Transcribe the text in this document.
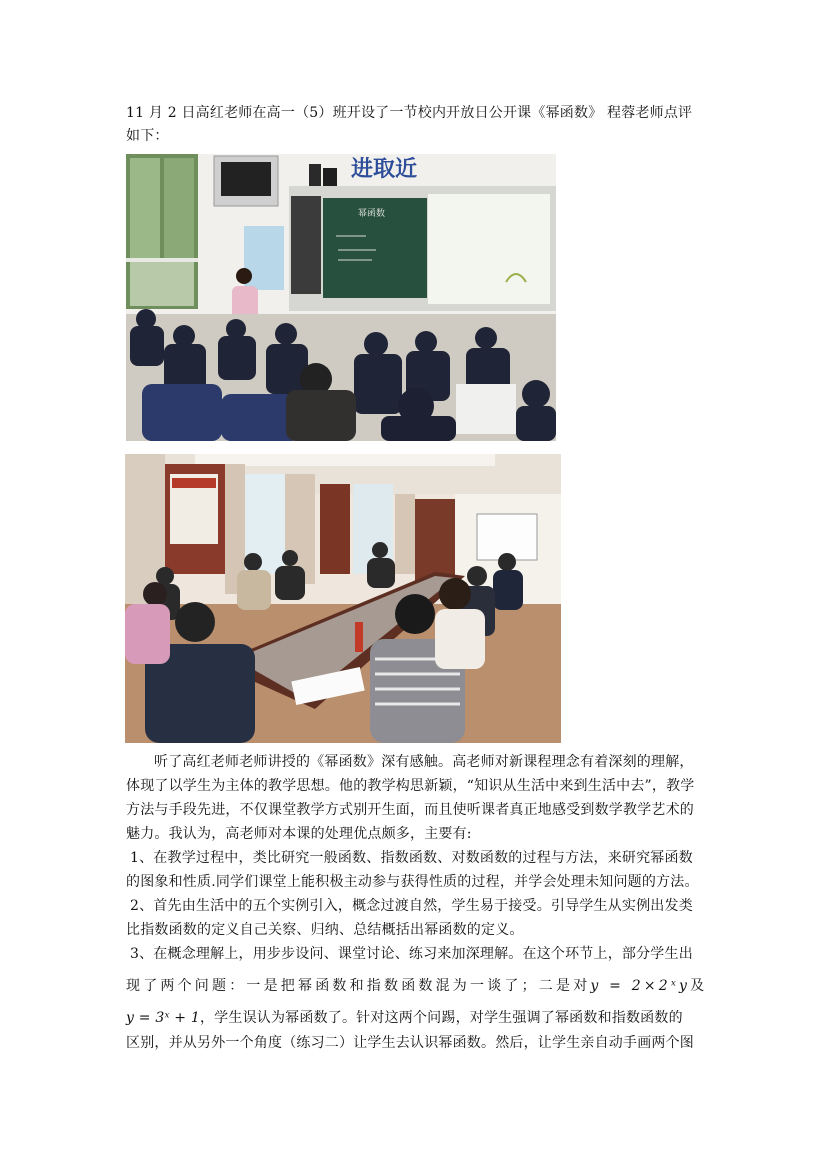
11 月 2 日高红老师在高一（5）班开设了一节校内开放日公开课《幂函数》 程蓉老师点评
如下：
进取近
幂函数
听了高红老师老师讲授的《幂函数》深有感触。高老师对新课程理念有着深刻的理解，
体现了以学生为主体的教学思想。他的教学构思新颖，“知识从生活中来到生活中去”，教学
方法与手段先进，不仅课堂教学方式别开生面，而且使听课者真正地感受到数学教学艺术的
魅力。我认为，高老师对本课的处理优点颇多，主要有:
1、在教学过程中，类比研究一般函数、指数函数、对数函数的过程与方法，来研究幂函数
的图象和性质.同学们课堂上能积极主动参与获得性质的过程，并学会处理未知问题的方法。
2、首先由生活中的五个实例引入，概念过渡自然，学生易于接受。引导学生从实例出发类
比指数函数的定义自己关察、归纳、总结概括出幂函数的定义。
3、在概念理解上，用步步设问、课堂讨论、练习来加深理解。在这个环节上，部分学生出
现了两个问题：一是把幂函数和指数函数混为一谈了；二是对y = 2×2ˣy及
y = 3ˣ + 1，学生误认为幂函数了。针对这两个问踢，对学生强调了幂函数和指数函数的
区别，并从另外一个角度（练习二）让学生去认识幂函数。然后，让学生亲自动手画两个图
